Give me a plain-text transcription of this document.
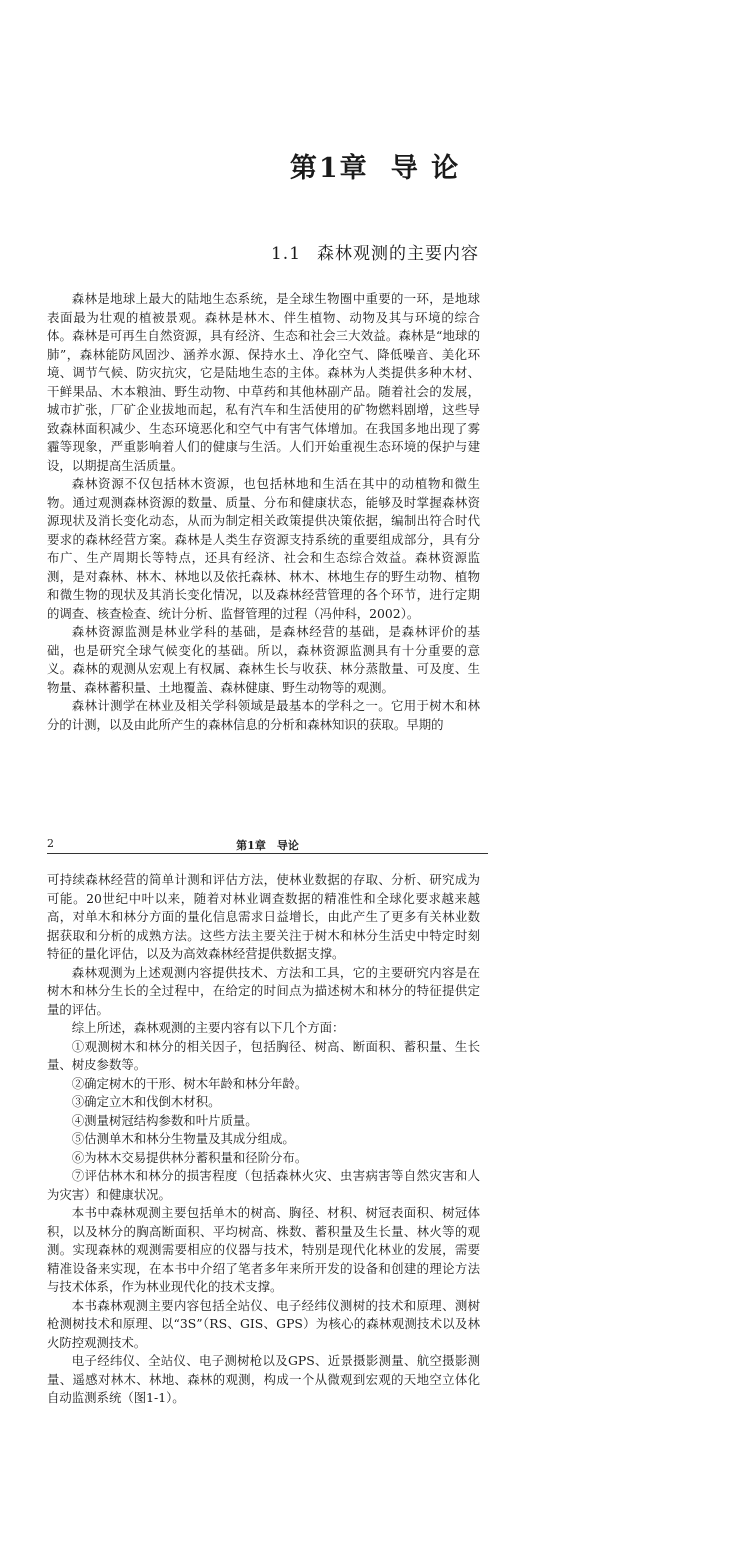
第1章 导 论
1.1 森林观测的主要内容

森林是地球上最大的陆地生态系统，是全球生物圈中重要的一环，是地球表面最为壮观的植被景观。森林是林木、伴生植物、动物及其与环境的综合体。森林是可再生自然资源，具有经济、生态和社会三大效益。森林是“地球的肺”，森林能防风固沙、涵养水源、保持水土、净化空气、降低噪音、美化环境、调节气候、防灾抗灾，它是陆地生态的主体。森林为人类提供多种木材、干鲜果品、木本粮油、野生动物、中草药和其他林副产品。随着社会的发展，城市扩张，厂矿企业拔地而起，私有汽车和生活使用的矿物燃料剧增，这些导致森林面积减少、生态环境恶化和空气中有害气体增加。在我国多地出现了雾霾等现象，严重影响着人们的健康与生活。人们开始重视生态环境的保护与建设，以期提高生活质量。

森林资源不仅包括林木资源，也包括林地和生活在其中的动植物和微生物。通过观测森林资源的数量、质量、分布和健康状态，能够及时掌握森林资源现状及消长变化动态，从而为制定相关政策提供决策依据，编制出符合时代要求的森林经营方案。森林是人类生存资源支持系统的重要组成部分，具有分布广、生产周期长等特点，还具有经济、社会和生态综合效益。森林资源监测，是对森林、林木、林地以及依托森林、林木、林地生存的野生动物、植物和微生物的现状及其消长变化情况，以及森林经营管理的各个环节，进行定期的调查、核查检查、统计分析、监督管理的过程（冯仲科，2002）。

森林资源监测是林业学科的基础，是森林经营的基础，是森林评价的基础，也是研究全球气候变化的基础。所以，森林资源监测具有十分重要的意义。森林的观测从宏观上有权属、森林生长与收获、林分蒸散量、可及度、生物量、森林蓄积量、土地覆盖、森林健康、野生动物等的观测。

森林计测学在林业及相关学科领域是最基本的学科之一。它用于树木和林分的计测，以及由此所产生的森林信息的分析和森林知识的获取。早期的

2	第1章　导论

可持续森林经营的简单计测和评估方法，使林业数据的存取、分析、研究成为可能。20世纪中叶以来，随着对林业调查数据的精准性和全球化要求越来越高，对单木和林分方面的量化信息需求日益增长，由此产生了更多有关林业数据获取和分析的成熟方法。这些方法主要关注于树木和林分生活史中特定时刻特征的量化评估，以及为高效森林经营提供数据支撑。

森林观测为上述观测内容提供技术、方法和工具，它的主要研究内容是在树木和林分生长的全过程中，在给定的时间点为描述树木和林分的特征提供定量的评估。

综上所述，森林观测的主要内容有以下几个方面：

①观测树木和林分的相关因子，包括胸径、树高、断面积、蓄积量、生长量、树皮参数等。

②确定树木的干形、树木年龄和林分年龄。

③确定立木和伐倒木材积。

④测量树冠结构参数和叶片质量。

⑤估测单木和林分生物量及其成分组成。

⑥为林木交易提供林分蓄积量和径阶分布。

⑦评估林木和林分的损害程度（包括森林火灾、虫害病害等自然灾害和人为灾害）和健康状况。

本书中森林观测主要包括单木的树高、胸径、材积、树冠表面积、树冠体积，以及林分的胸高断面积、平均树高、株数、蓄积量及生长量、林火等的观测。实现森林的观测需要相应的仪器与技术，特别是现代化林业的发展，需要精准设备来实现，在本书中介绍了笔者多年来所开发的设备和创建的理论方法与技术体系，作为林业现代化的技术支撑。

本书森林观测主要内容包括全站仪、电子经纬仪测树的技术和原理、测树枪测树技术和原理、以“3S”（RS、GIS、GPS）为核心的森林观测技术以及林火防控观测技术。

电子经纬仪、全站仪、电子测树枪以及GPS、近景摄影测量、航空摄影测量、遥感对林木、林地、森林的观测，构成一个从微观到宏观的天地空立体化自动监测系统（图1-1）。
